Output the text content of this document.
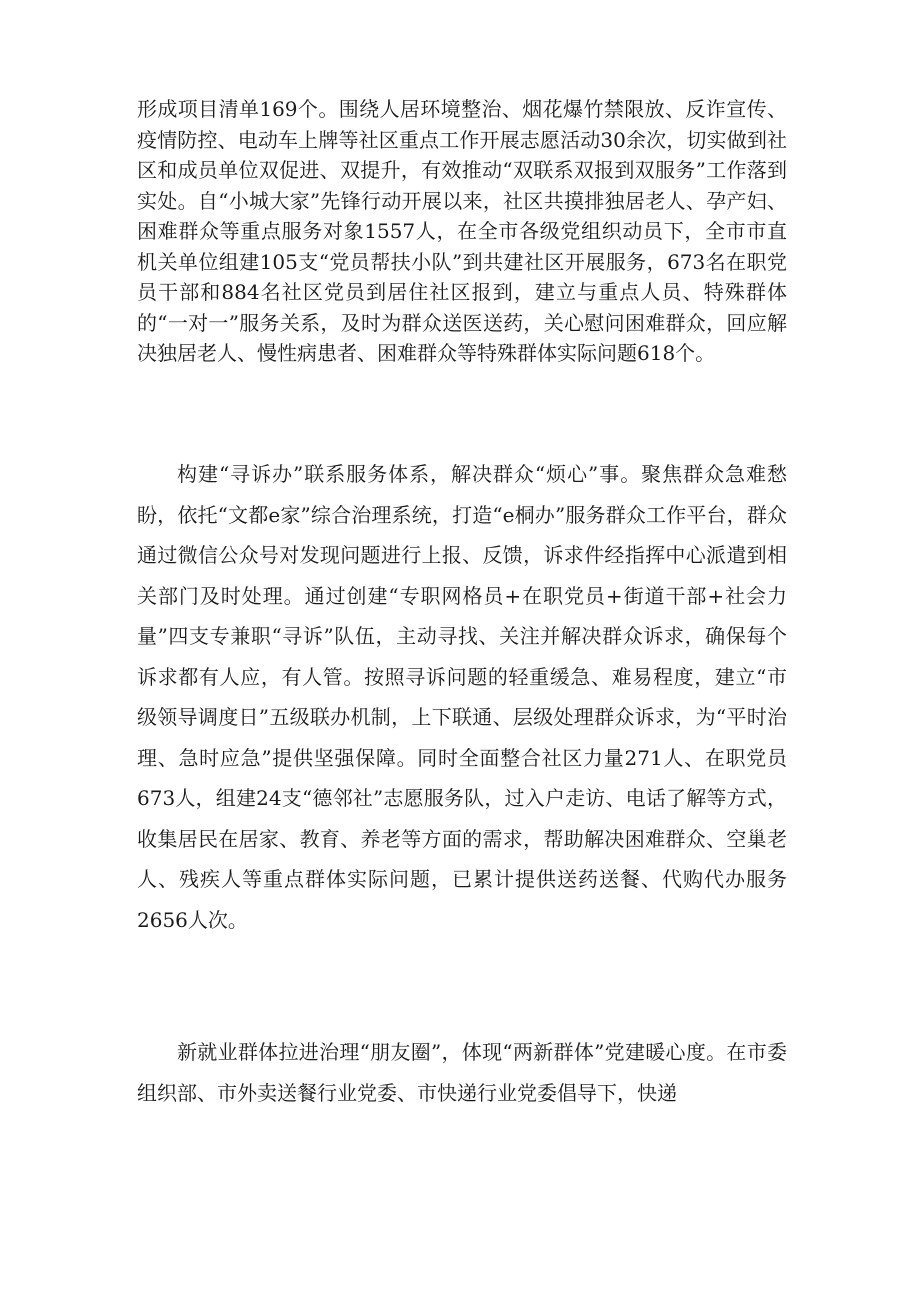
形成项目清单169个。围绕人居环境整治、烟花爆竹禁限放、反诈宣传、疫情防控、电动车上牌等社区重点工作开展志愿活动30余次，切实做到社区和成员单位双促进、双提升，有效推动“双联系双报到双服务”工作落到实处。自“小城大家”先锋行动开展以来，社区共摸排独居老人、孕产妇、困难群众等重点服务对象1557人，在全市各级党组织动员下，全市市直机关单位组建105支“党员帮扶小队”到共建社区开展服务，673名在职党员干部和884名社区党员到居住社区报到，建立与重点人员、特殊群体的“一对一”服务关系，及时为群众送医送药，关心慰问困难群众，回应解决独居老人、慢性病患者、困难群众等特殊群体实际问题618个。

构建“寻诉办”联系服务体系，解决群众“烦心”事。聚焦群众急难愁盼，依托“文都e家”综合治理系统，打造“e桐办”服务群众工作平台，群众通过微信公众号对发现问题进行上报、反馈，诉求件经指挥中心派遣到相关部门及时处理。通过创建“专职网格员+在职党员+街道干部+社会力量”四支专兼职“寻诉”队伍，主动寻找、关注并解决群众诉求，确保每个诉求都有人应，有人管。按照寻诉问题的轻重缓急、难易程度，建立“市级领导调度日”五级联办机制，上下联通、层级处理群众诉求，为“平时治理、急时应急”提供坚强保障。同时全面整合社区力量271人、在职党员673人，组建24支“德邻社”志愿服务队，过入户走访、电话了解等方式，收集居民在居家、教育、养老等方面的需求，帮助解决困难群众、空巢老人、残疾人等重点群体实际问题，已累计提供送药送餐、代购代办服务2656人次。

新就业群体拉进治理“朋友圈”，体现“两新群体”党建暖心度。在市委组织部、市外卖送餐行业党委、市快递行业党委倡导下，快递
